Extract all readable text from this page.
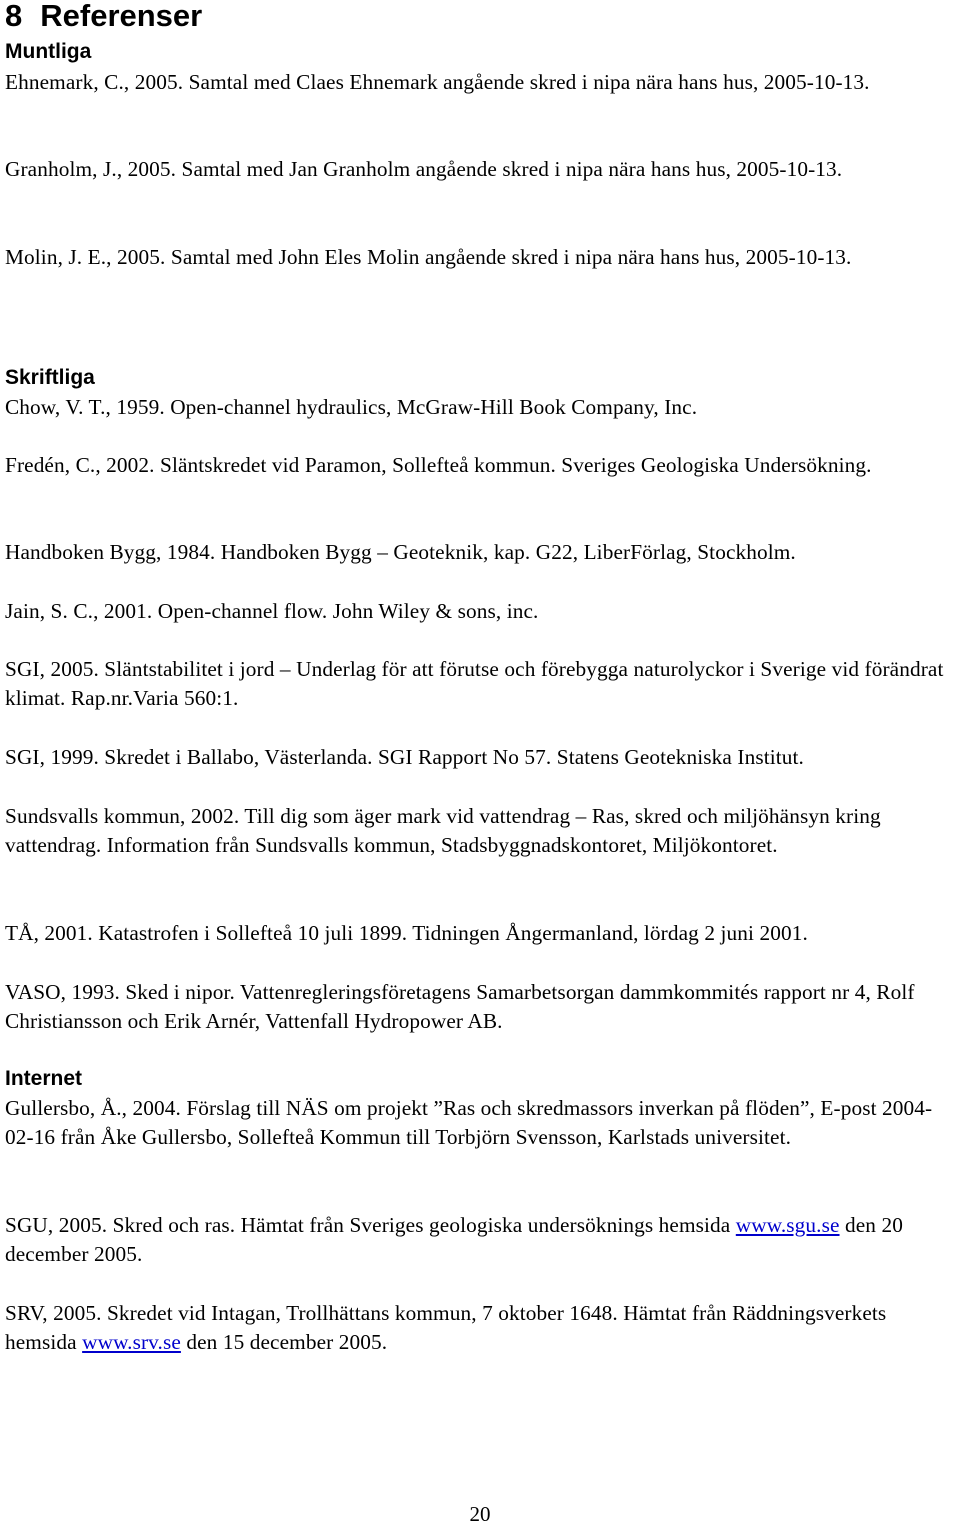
8 Referenser
Muntliga

Ehnemark, C., 2005. Samtal med Claes Ehnemark angående skred i nipa nära hans hus, 2005-10-13.

Granholm, J., 2005. Samtal med Jan Granholm angående skred i nipa nära hans hus, 2005-10-13.

Molin, J. E., 2005. Samtal med John Eles Molin angående skred i nipa nära hans hus, 2005-10-13.

Skriftliga

Chow, V. T., 1959. Open-channel hydraulics, McGraw-Hill Book Company, Inc.

Fredén, C., 2002. Släntskredet vid Paramon, Sollefteå kommun. Sveriges Geologiska Undersökning.

Handboken Bygg, 1984. Handboken Bygg – Geoteknik, kap. G22, LiberFörlag, Stockholm.

Jain, S. C., 2001. Open-channel flow. John Wiley & sons, inc.

SGI, 2005. Släntstabilitet i jord – Underlag för att förutse och förebygga naturolyckor i Sverige vid förändrat klimat. Rap.nr.Varia 560:1.

SGI, 1999. Skredet i Ballabo, Västerlanda. SGI Rapport No 57. Statens Geotekniska Institut.

Sundsvalls kommun, 2002. Till dig som äger mark vid vattendrag – Ras, skred och miljöhänsyn kring vattendrag. Information från Sundsvalls kommun, Stadsbyggnadskontoret, Miljökontoret.

TÅ, 2001. Katastrofen i Sollefteå 10 juli 1899. Tidningen Ångermanland, lördag 2 juni 2001.

VASO, 1993. Sked i nipor. Vattenregleringsföretagens Samarbetsorgan dammkommités rapport nr 4, Rolf Christiansson och Erik Arnér, Vattenfall Hydropower AB.

Internet

Gullersbo, Å., 2004. Förslag till NÄS om projekt ”Ras och skredmassors inverkan på flöden”, E-post 2004-02-16 från Åke Gullersbo, Sollefteå Kommun till Torbjörn Svensson, Karlstads universitet.

SGU, 2005. Skred och ras. Hämtat från Sveriges geologiska undersöknings hemsida www.sgu.se den 20 december 2005.

SRV, 2005. Skredet vid Intagan, Trollhättans kommun, 7 oktober 1648. Hämtat från Räddningsverkets hemsida www.srv.se den 15 december 2005.

20
